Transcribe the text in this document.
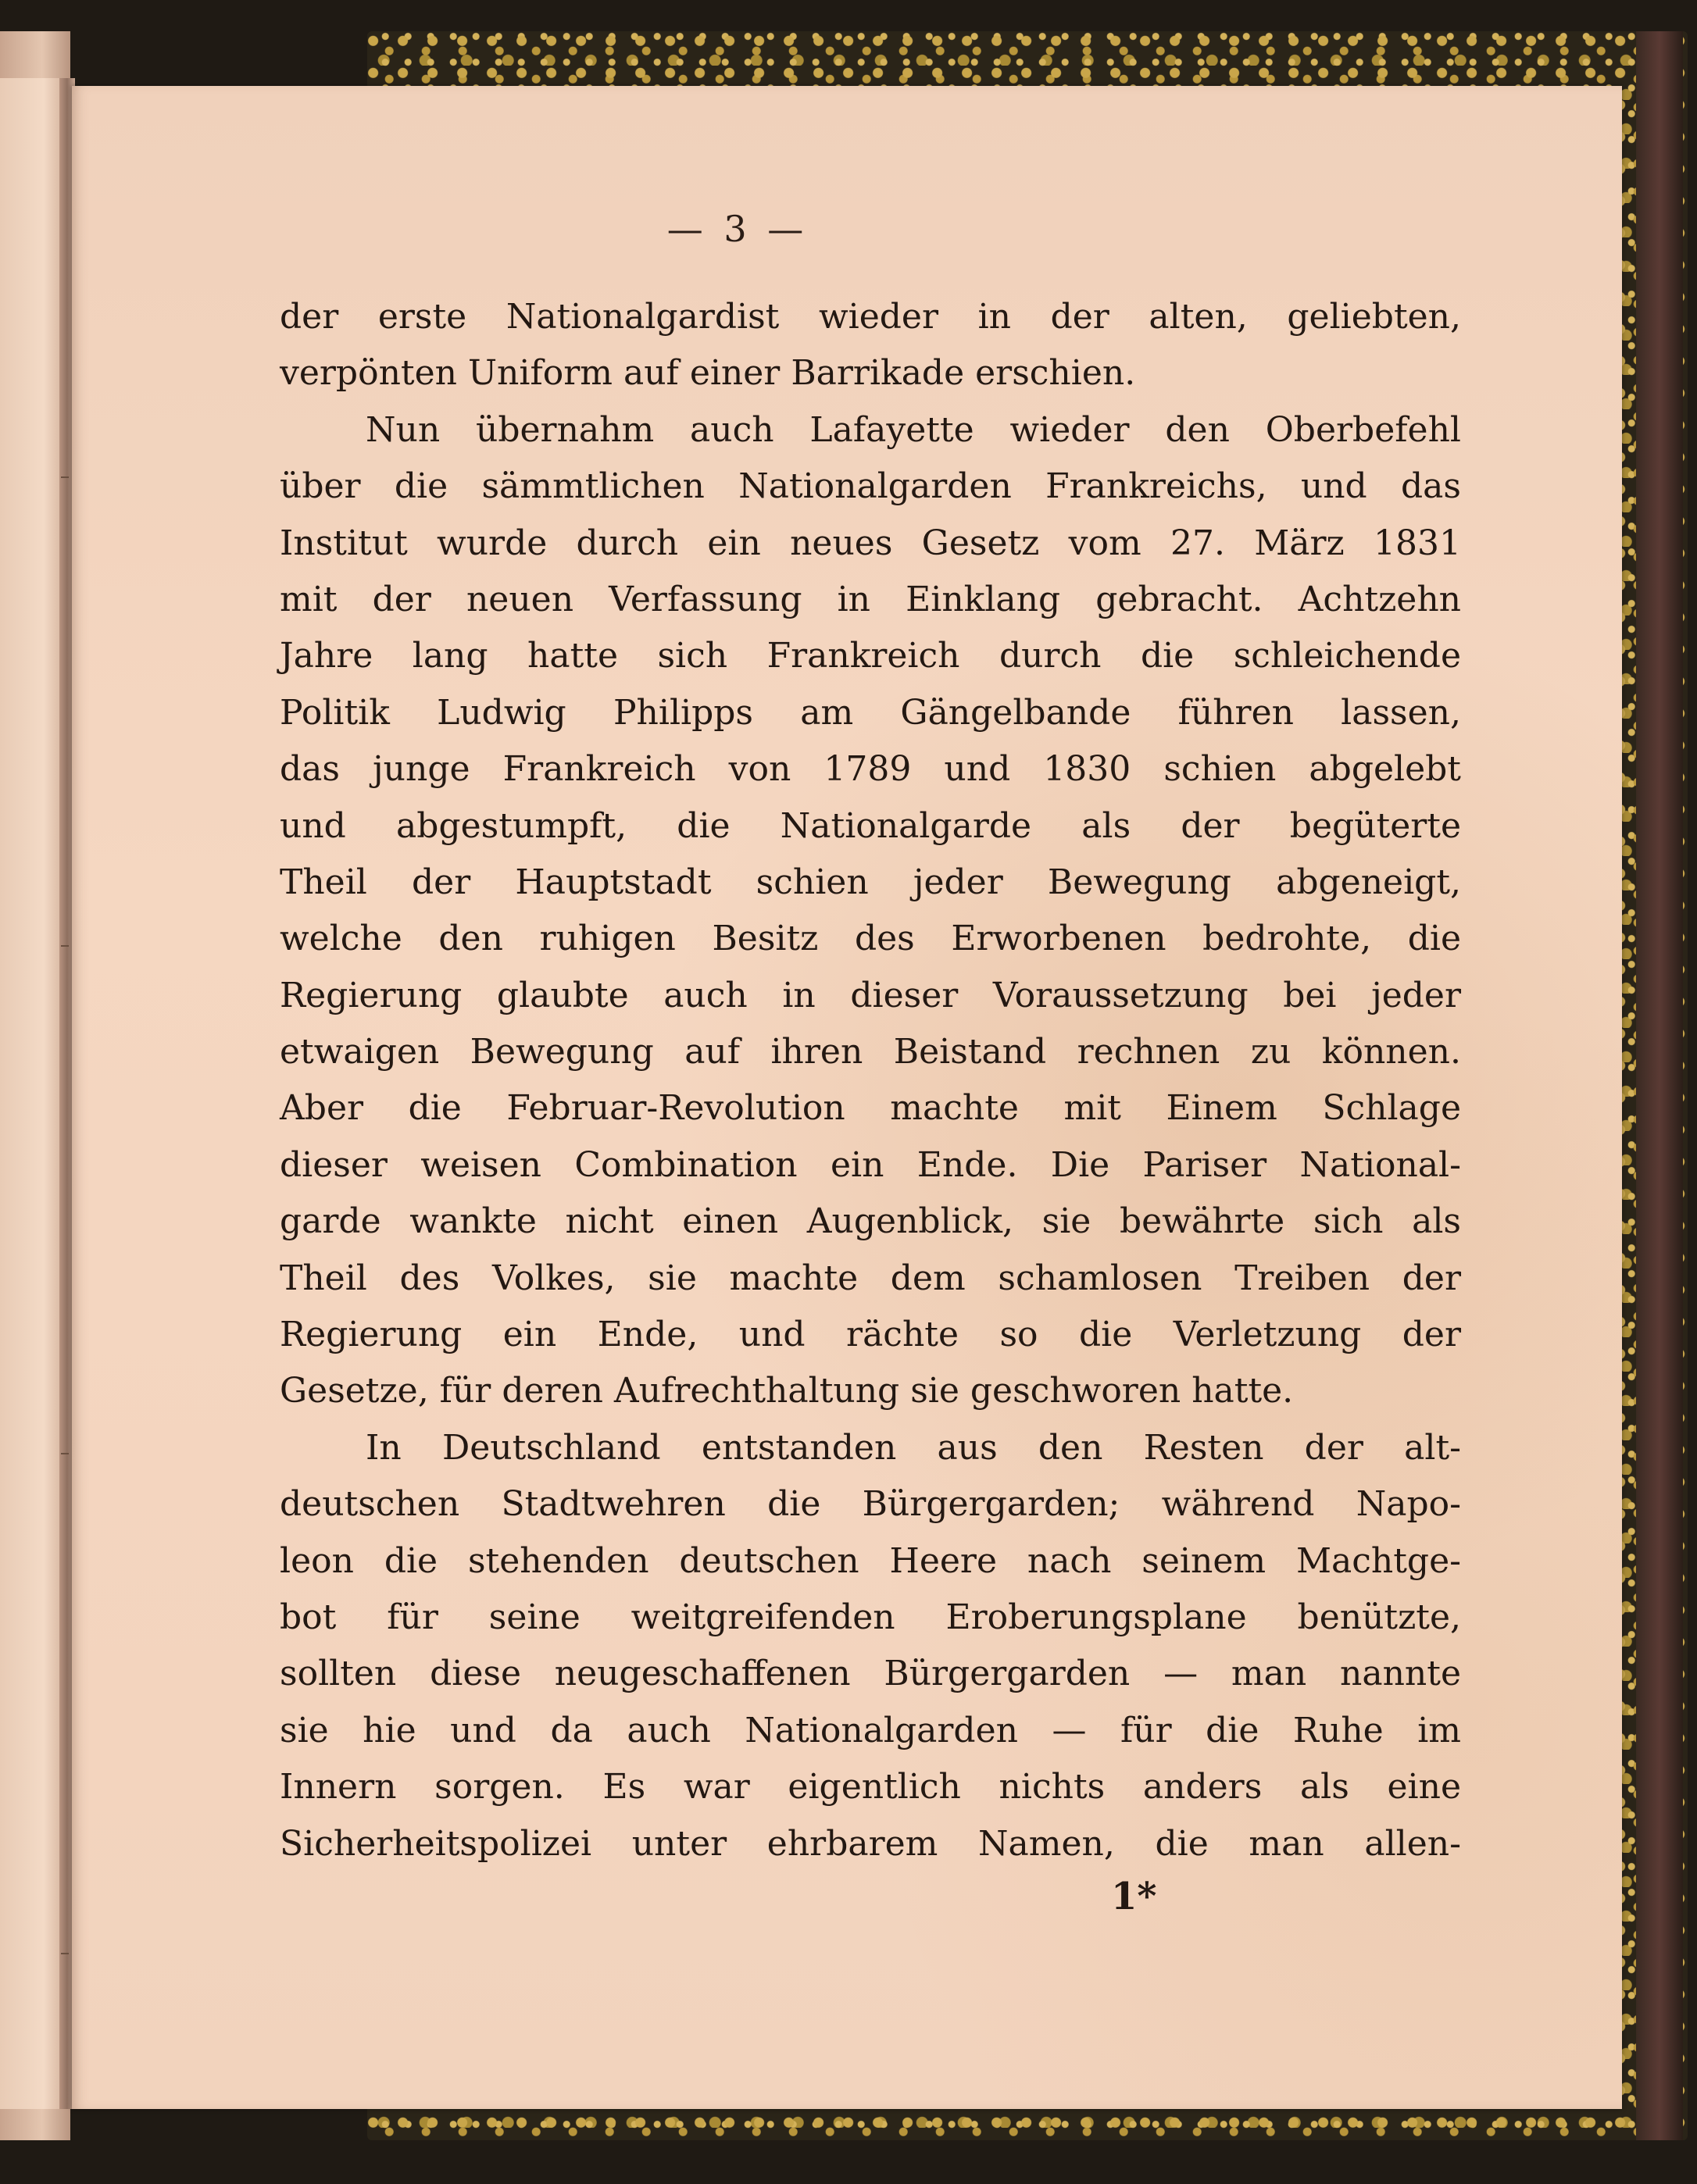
— 3 —

der erste Nationalgardist wieder in der alten, geliebten,
verpönten Uniform auf einer Barrikade erschien.
Nun übernahm auch Lafayette wieder den Oberbefehl
über die sämmtlichen Nationalgarden Frankreichs, und das
Institut wurde durch ein neues Gesetz vom 27. März 1831
mit der neuen Verfassung in Einklang gebracht. Achtzehn
Jahre lang hatte sich Frankreich durch die schleichende
Politik Ludwig Philipps am Gängelbande führen lassen,
das junge Frankreich von 1789 und 1830 schien abgelebt
und abgestumpft, die Nationalgarde als der begüterte
Theil der Hauptstadt schien jeder Bewegung abgeneigt,
welche den ruhigen Besitz des Erworbenen bedrohte, die
Regierung glaubte auch in dieser Voraussetzung bei jeder
etwaigen Bewegung auf ihren Beistand rechnen zu können.
Aber die Februar-Revolution machte mit Einem Schlage
dieser weisen Combination ein Ende. Die Pariser National-
garde wankte nicht einen Augenblick, sie bewährte sich als
Theil des Volkes, sie machte dem schamlosen Treiben der
Regierung ein Ende, und rächte so die Verletzung der
Gesetze, für deren Aufrechthaltung sie geschworen hatte.
In Deutschland entstanden aus den Resten der alt-
deutschen Stadtwehren die Bürgergarden; während Napo-
leon die stehenden deutschen Heere nach seinem Machtge-
bot für seine weitgreifenden Eroberungsplane benützte,
sollten diese neugeschaffenen Bürgergarden — man nannte
sie hie und da auch Nationalgarden — für die Ruhe im
Innern sorgen. Es war eigentlich nichts anders als eine
Sicherheitspolizei unter ehrbarem Namen, die man allen-

1*
